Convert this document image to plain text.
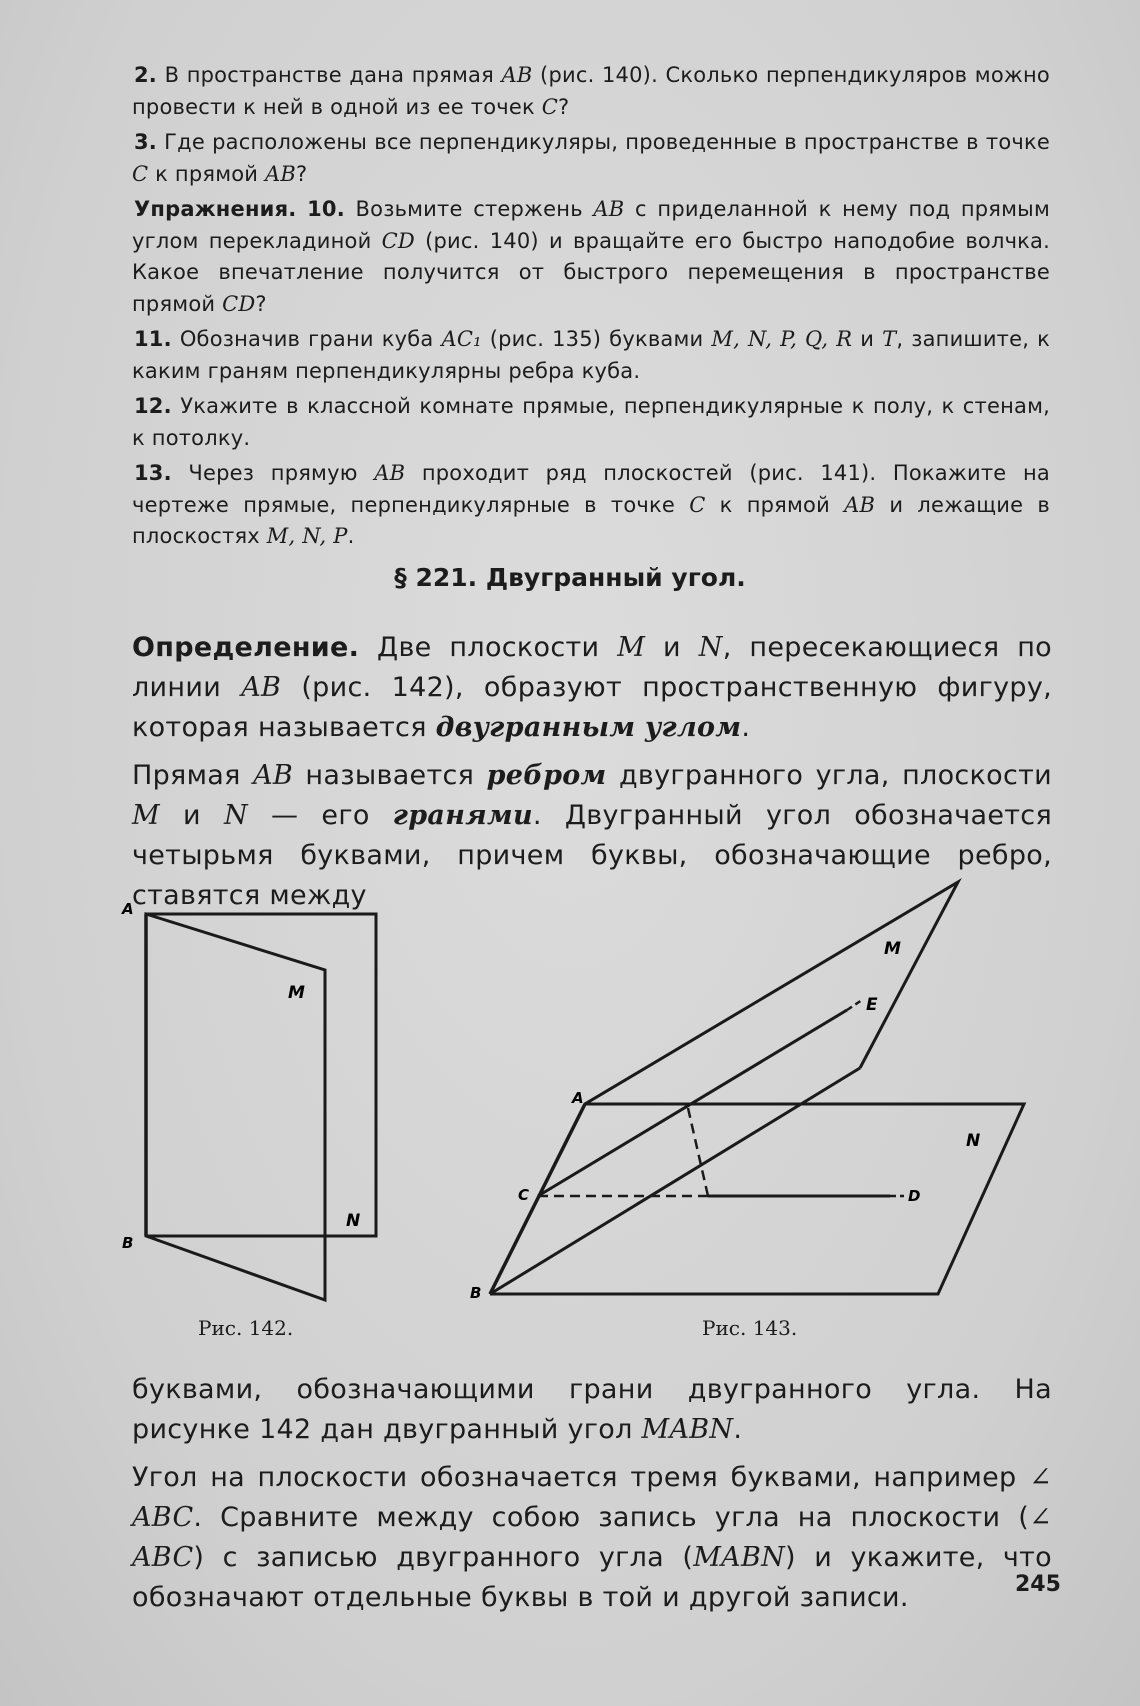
2. В пространстве дана прямая AB (рис. 140). Сколько перпендикуляров можно провести к ней в одной из ее точек C?

3. Где расположены все перпендикуляры, проведенные в пространстве в точке C к прямой AB?

Упражнения. 10. Возьмите стержень AB с приделанной к нему под прямым углом перекладиной CD (рис. 140) и вращайте его быстро наподобие волчка. Какое впечатление получится от быстрого перемещения в пространстве прямой CD?

11. Обозначив грани куба AC₁ (рис. 135) буквами M, N, P, Q, R и T, запишите, к каким граням перпендикулярны ребра куба.

12. Укажите в классной комнате прямые, перпендикулярные к полу, к стенам, к потолку.

13. Через прямую AB проходит ряд плоскостей (рис. 141). Покажите на чертеже прямые, перпендикулярные в точке C к прямой AB и лежащие в плоскостях M, N, P.

§ 221. Двугранный угол.

Определение. Две плоскости M и N, пересекающиеся по линии AB (рис. 142), образуют пространственную фигуру, которая называется двугранным углом.

Прямая AB называется ребром двугранного угла, плоскости M и N — его гранями. Двугранный угол обозначается четырьмя буквами, причем буквы, обозначающие ребро, ставятся между

A
B
M
N
Рис. 142.
A
B
C	D
E
M
N
Рис. 143.

буквами, обозначающими грани двугранного угла. На рисунке 142 дан двугранный угол MABN.

Угол на плоскости обозначается тремя буквами, например ∠ ABC. Сравните между собою запись угла на плоскости (∠ ABC) с записью двугранного угла (MABN) и укажите, что обозначают отдельные буквы в той и другой записи.	245
